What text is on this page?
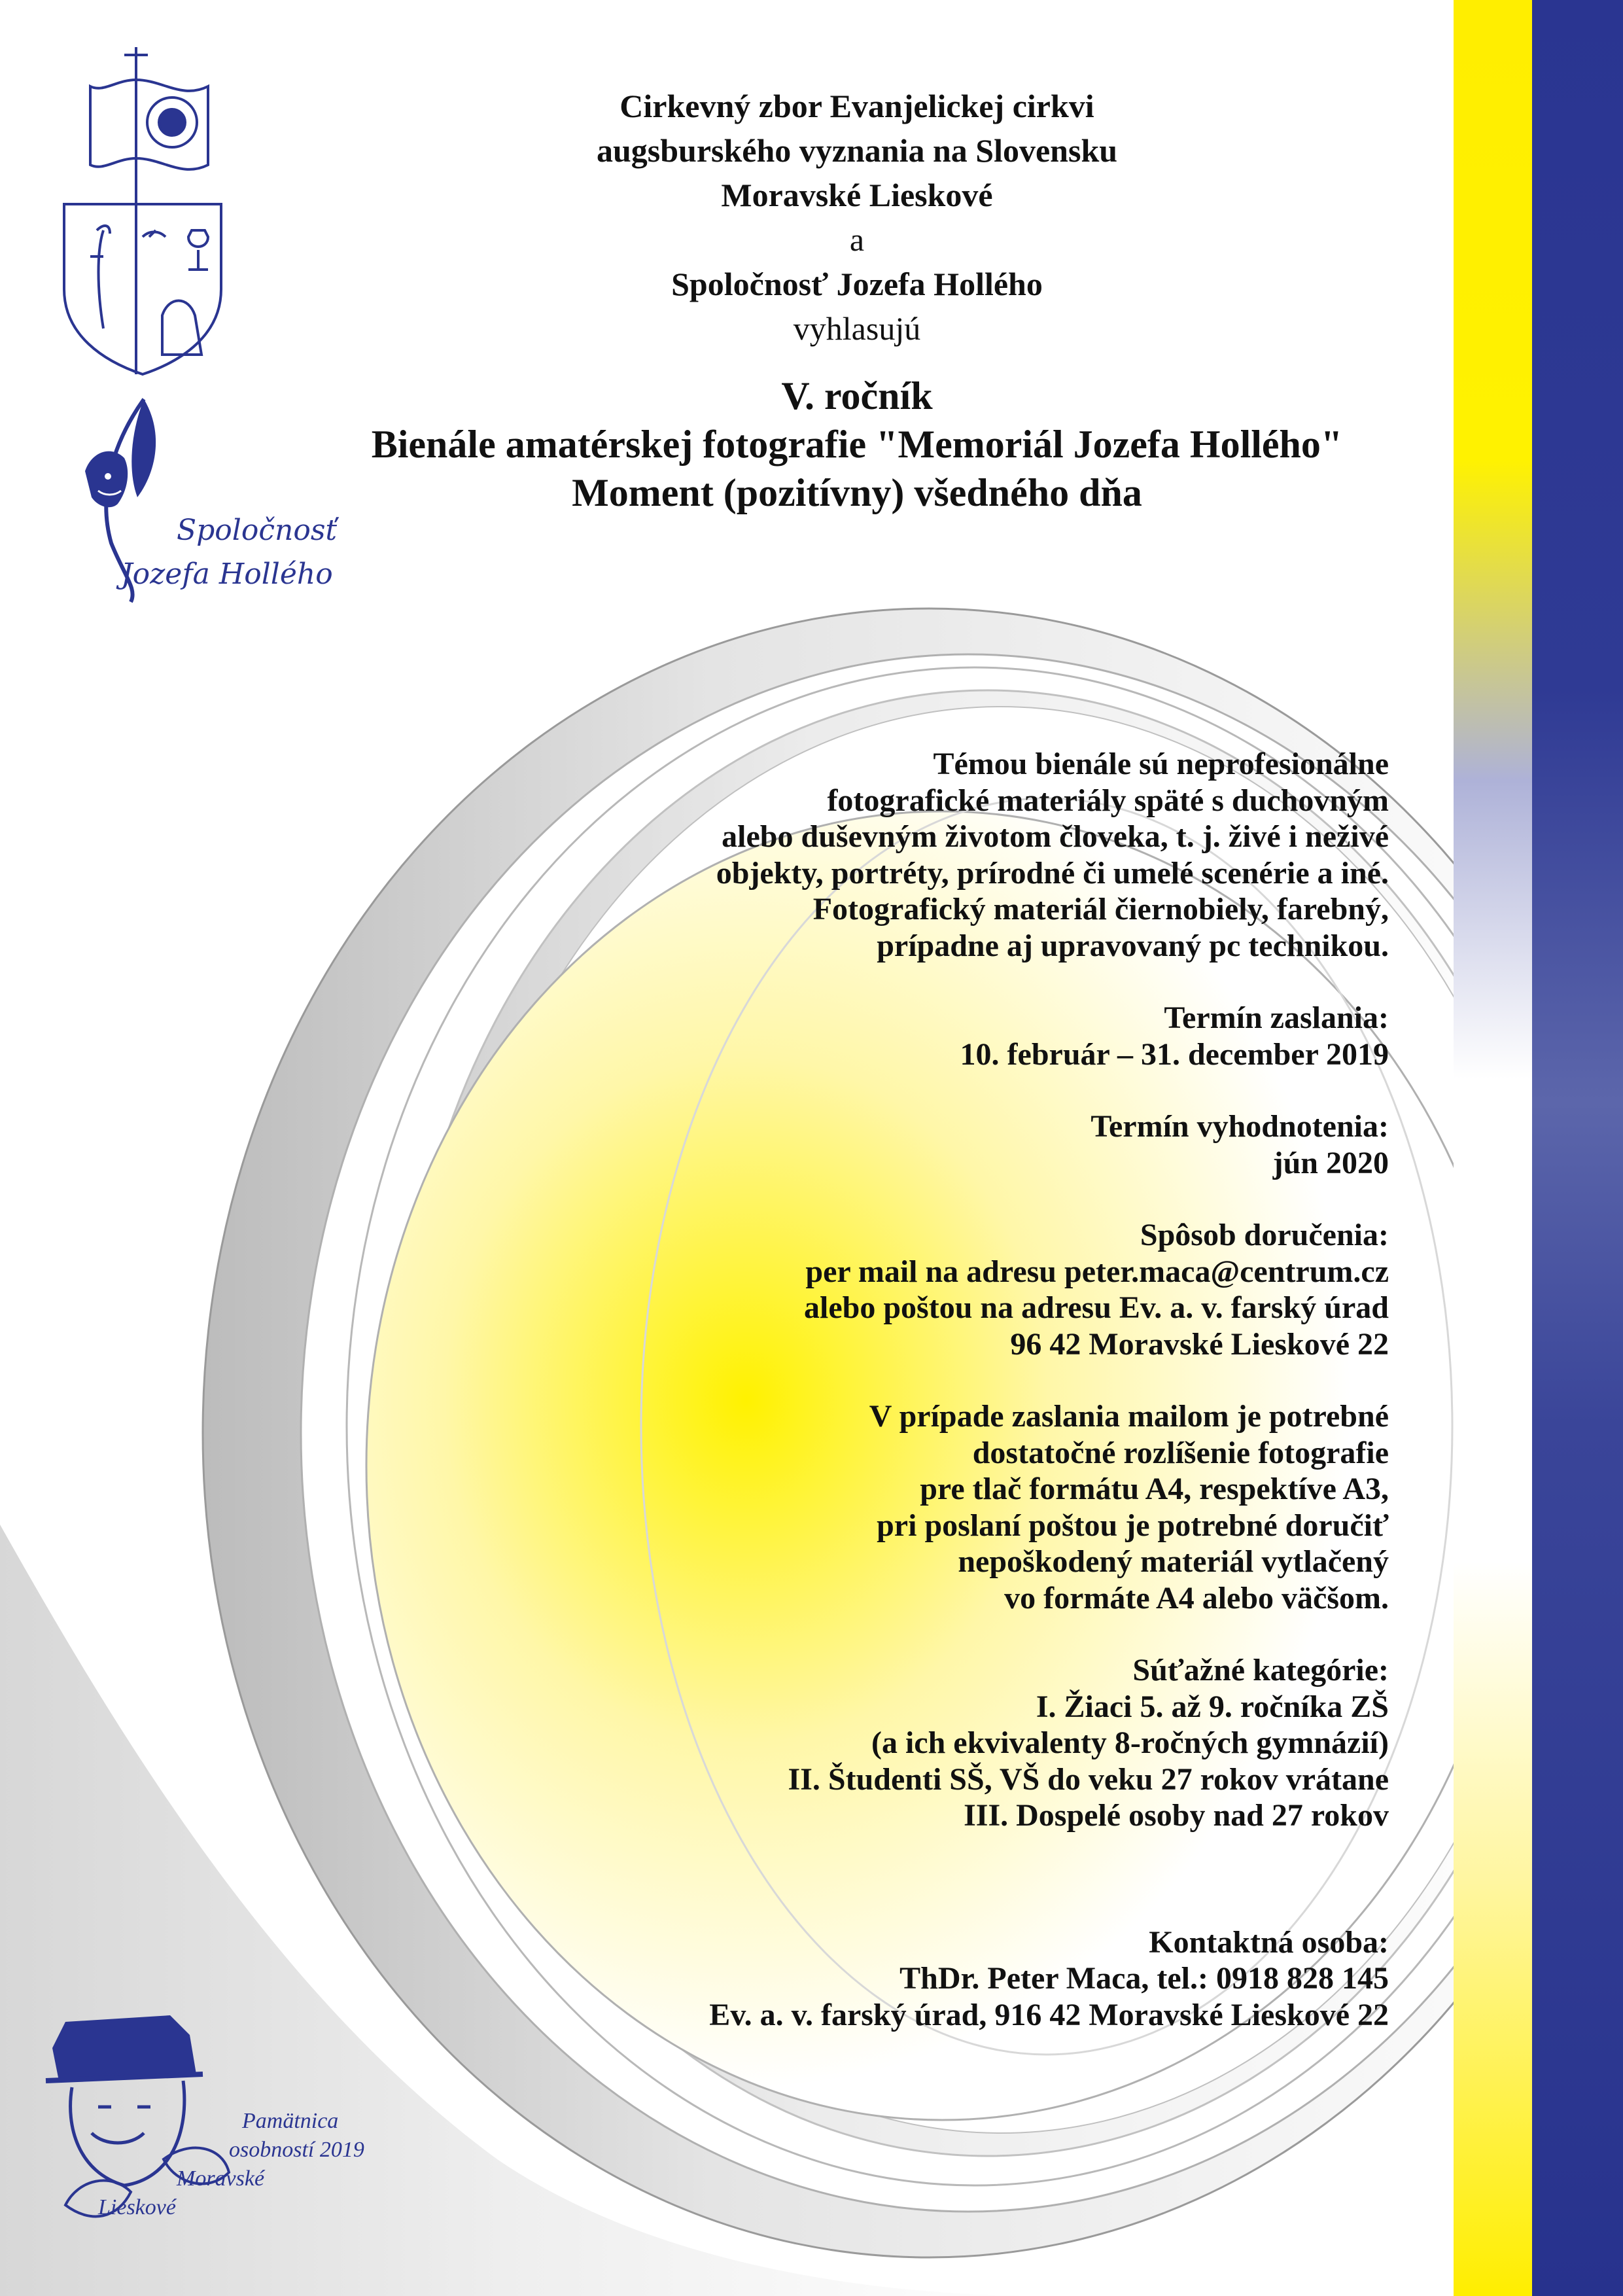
Spoločnosť
Jozefa Hollého
Pamätnica
osobností 2019
Moravské
Lieskové
Cirkevný zbor Evanjelickej cirkvi
augsburského vyznania na Slovensku
Moravské Lieskové
a
Spoločnosť Jozefa Hollého
vyhlasujú
V. ročník
Bienále amatérskej fotografie "Memoriál Jozefa Hollého"
Moment (pozitívny) všedného dňa
Témou bienále sú neprofesionálne
fotografické materiály späté s duchovným
alebo duševným životom človeka, t. j. živé i neživé
objekty, portréty, prírodné či umelé scenérie a iné.
Fotografický materiál čiernobiely, farebný,
prípadne aj upravovaný pc technikou.
Termín zaslania:
10. február – 31. december 2019
Termín vyhodnotenia:
jún 2020
Spôsob doručenia:
per mail na adresu peter.maca@centrum.cz
alebo poštou na adresu Ev. a. v. farský úrad
96 42 Moravské Lieskové 22
V prípade zaslania mailom je potrebné
dostatočné rozlíšenie fotografie
pre tlač formátu A4, respektíve A3,
pri poslaní poštou je potrebné doručiť
nepoškodený materiál vytlačený
vo formáte A4 alebo väčšom.
Súťažné kategórie:
I. Žiaci 5. až 9. ročníka ZŠ
(a ich ekvivalenty 8-ročných gymnázií)
II. Študenti SŠ, VŠ do veku 27 rokov vrátane
III. Dospelé osoby nad 27 rokov
Kontaktná osoba:
ThDr. Peter Maca, tel.: 0918 828 145
Ev. a. v. farský úrad, 916 42 Moravské Lieskové 22
